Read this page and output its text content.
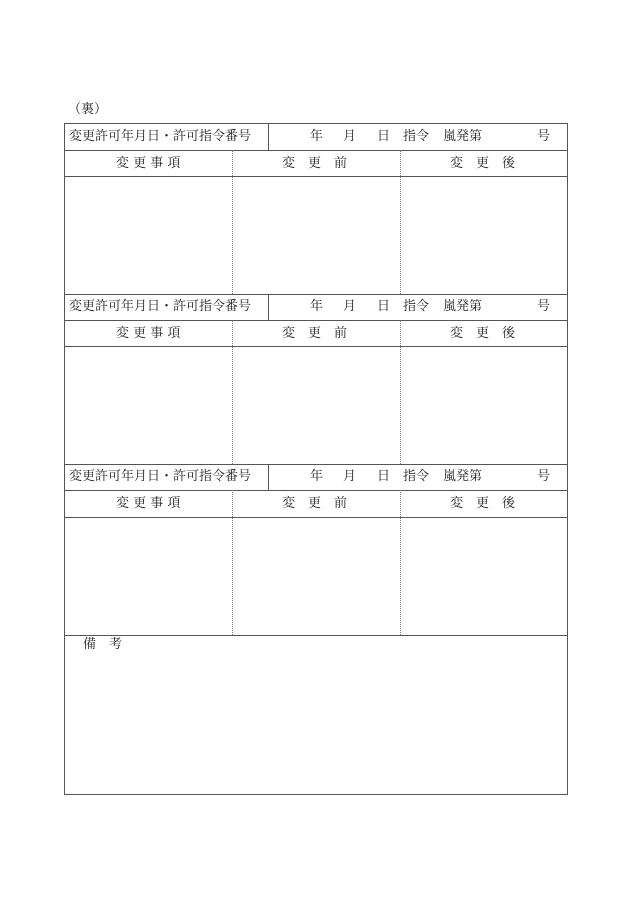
（裏）
変更許可年月日・許可指令番号	年 月 日 指令 嵐発第	号
変 更 事 項	変　更　前	変　更　後
変更許可年月日・許可指令番号	年 月 日 指令 嵐発第	号
変 更 事 項	変　更　前	変　更　後
変更許可年月日・許可指令番号	年 月 日 指令 嵐発第	号
変 更 事 項	変　更　前	変　更　後
備　考
